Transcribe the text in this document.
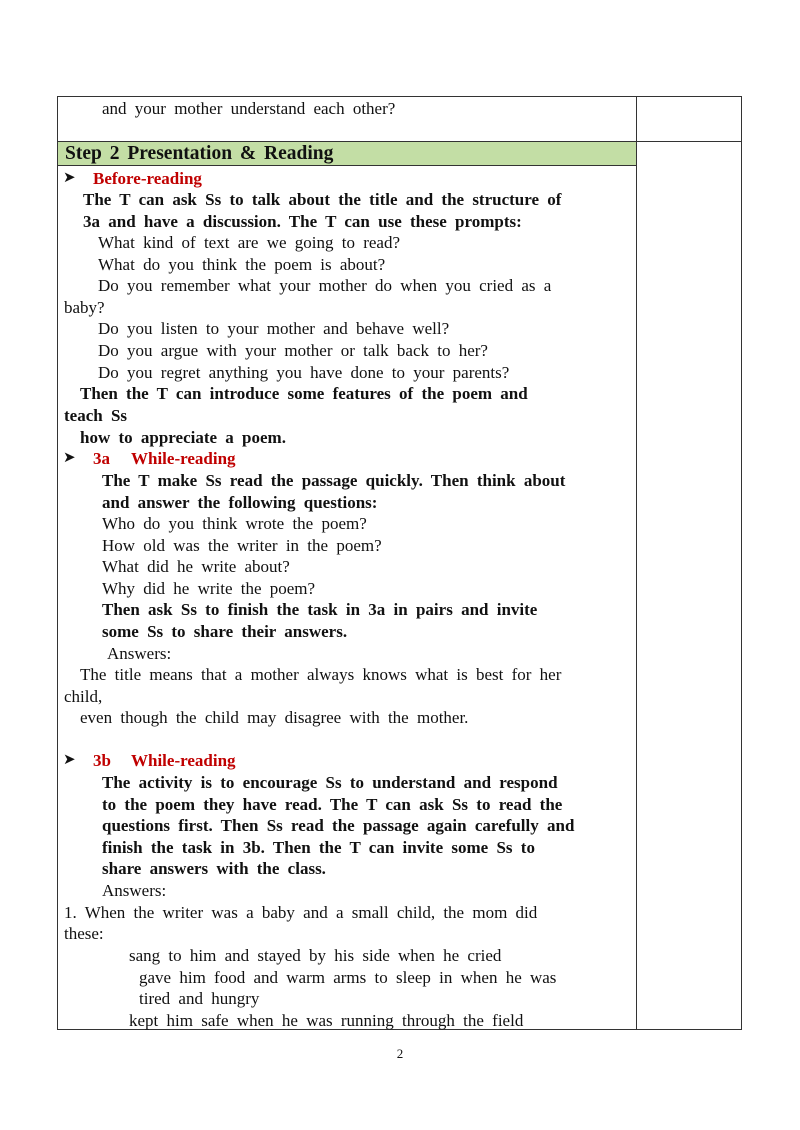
Step 2 Presentation & Reading
and your mother understand each other?
➤ Before-reading
The T can ask Ss to talk about the title and the structure of
3a and have a discussion. The T can use these prompts:
What kind of text are we going to read?
What do you think the poem is about?
Do you remember what your mother do when you cried as a
baby?
Do you listen to your mother and behave well?
Do you argue with your mother or talk back to her?
Do you regret anything you have done to your parents?
Then the T can introduce some features of the poem and
teach Ss
how to appreciate a poem.
➤ 3a While-reading
The T make Ss read the passage quickly. Then think about
and answer the following questions:
Who do you think wrote the poem?
How old was the writer in the poem?
What did he write about?
Why did he write the poem?
Then ask Ss to finish the task in 3a in pairs and invite
some Ss to share their answers.
Answers:
The title means that a mother always knows what is best for her
child,
even though the child may disagree with the mother.
➤ 3b While-reading
The activity is to encourage Ss to understand and respond
to the poem they have read. The T can ask Ss to read the
questions first. Then Ss read the passage again carefully and
finish the task in 3b. Then the T can invite some Ss to
share answers with the class.
Answers:
1. When the writer was a baby and a small child, the mom did
these:
sang to him and stayed by his side when he cried
gave him food and warm arms to sleep in when he was
tired and hungry
kept him safe when he was running through the field
2
